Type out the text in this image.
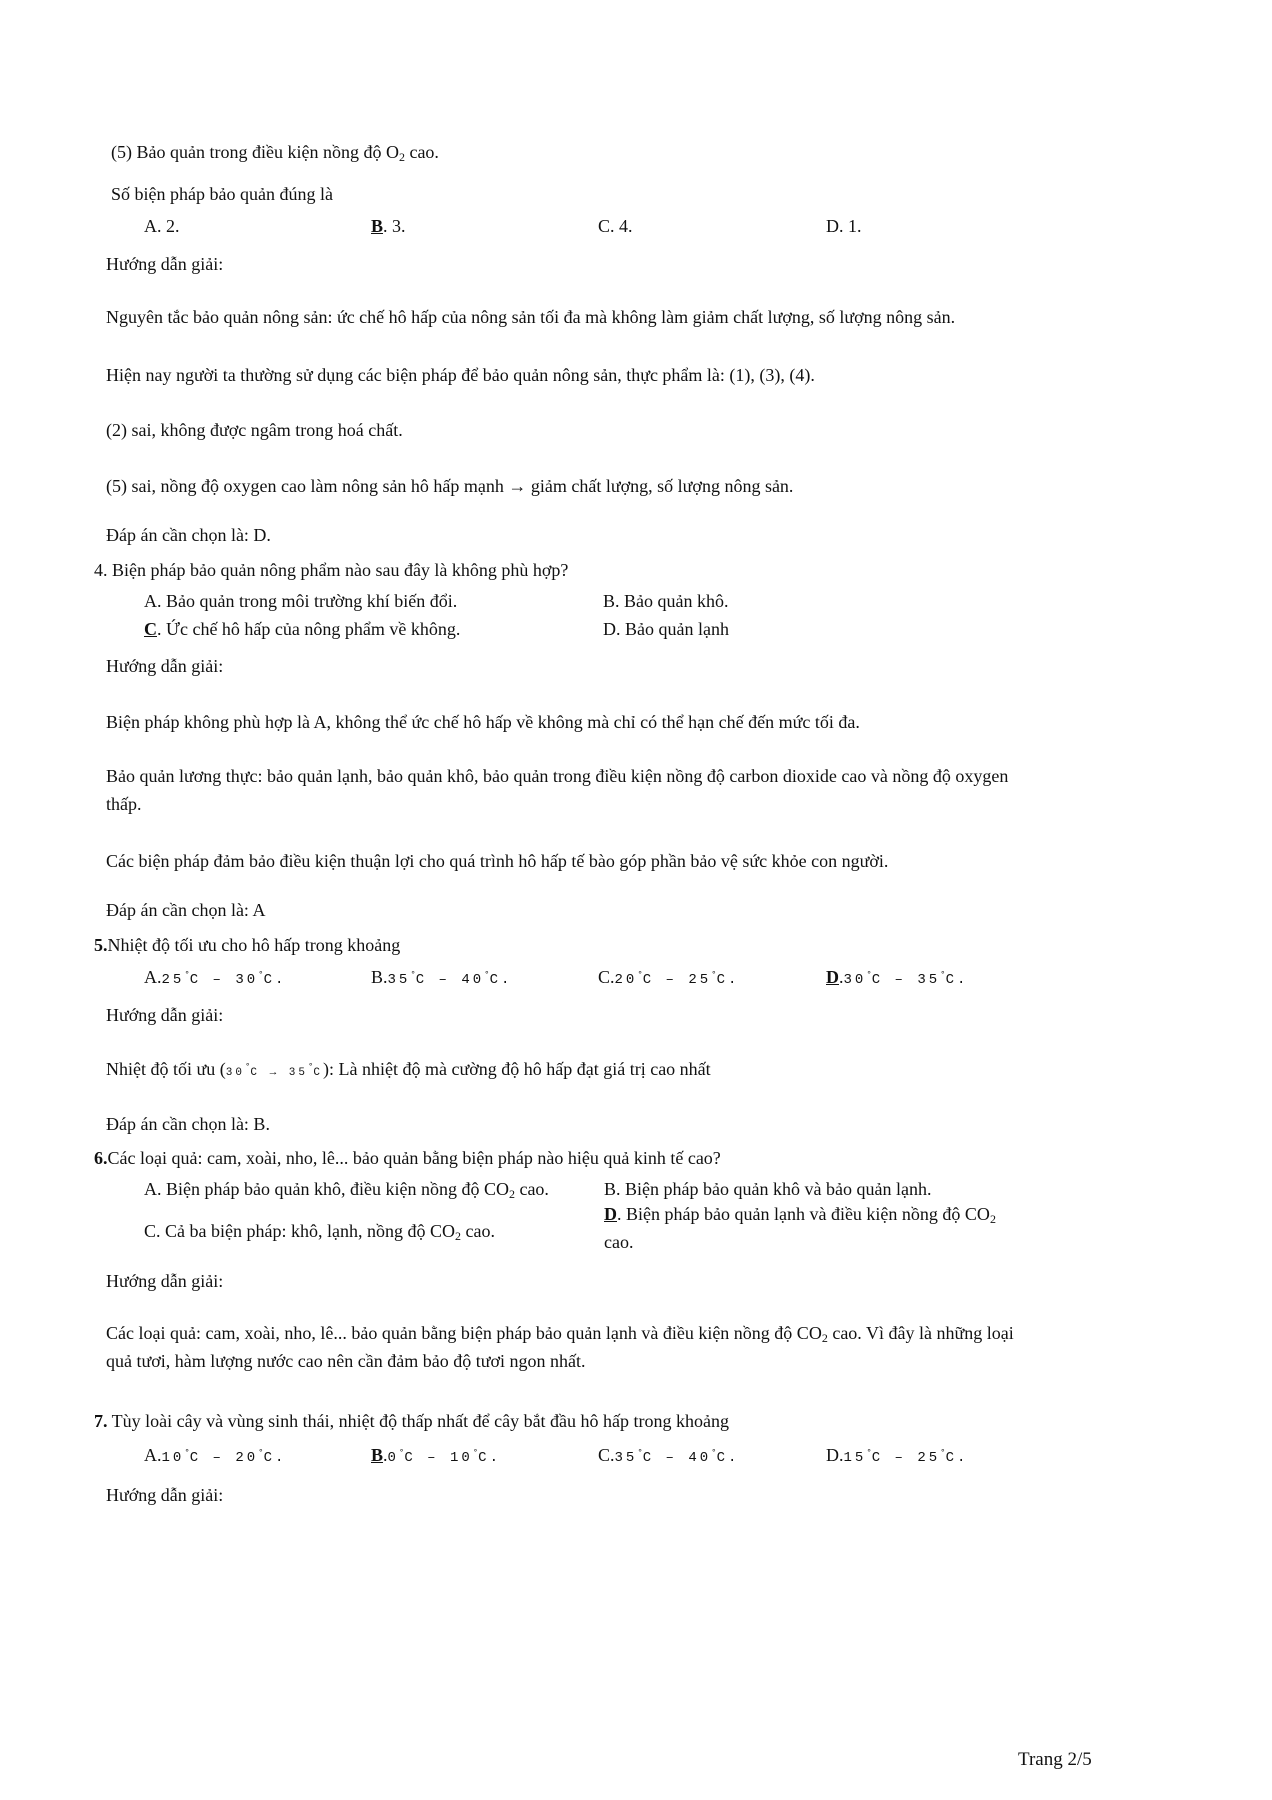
(5) Bảo quản trong điều kiện nồng độ $O_2$ cao.
Số biện pháp bảo quản đúng là
A. 2.	B. 3.	C. 4.	D. 1.
Hướng dẫn giải:
Nguyên tắc bảo quản nông sản: ức chế hô hấp của nông sản tối đa mà không làm giảm chất lượng, số lượng nông sản.
Hiện nay người ta thường sử dụng các biện pháp để bảo quản nông sản, thực phẩm là: (1), (3), (4).
(2) sai, không được ngâm trong hoá chất.
(5) sai, nồng độ oxygen cao làm nông sản hô hấp mạnh → giảm chất lượng, số lượng nông sản.
Đáp án cần chọn là: D.
4. Biện pháp bảo quản nông phẩm nào sau đây là không phù hợp?
A. Bảo quản trong môi trường khí biến đổi.	B. Bảo quản khô.
C. Ức chế hô hấp của nông phẩm về không.	D. Bảo quản lạnh
Hướng dẫn giải:
Biện pháp không phù hợp là A, không thể ức chế hô hấp về không mà chỉ có thể hạn chế đến mức tối đa.
Bảo quản lương thực: bảo quản lạnh, bảo quản khô, bảo quản trong điều kiện nồng độ carbon dioxide cao và nồng độ oxygen
thấp.
Các biện pháp đảm bảo điều kiện thuận lợi cho quá trình hô hấp tế bào góp phần bảo vệ sức khỏe con người.
Đáp án cần chọn là: A
5.Nhiệt độ tối ưu cho hô hấp trong khoảng
A.25°C – 30°C.	B.35°C – 40°C.	C.20°C – 25°C.	D.30°C – 35°C.
Hướng dẫn giải:
Nhiệt độ tối ưu (30°C → 35°C): Là nhiệt độ mà cường độ hô hấp đạt giá trị cao nhất
Đáp án cần chọn là: B.
6.Các loại quả: cam, xoài, nho, lê... bảo quản bằng biện pháp nào hiệu quả kinh tế cao?
A. Biện pháp bảo quản khô, điều kiện nồng độ $CO_2$ cao.	B. Biện pháp bảo quản khô và bảo quản lạnh.
C. Cả ba biện pháp: khô, lạnh, nồng độ $CO_2$ cao.
D. Biện pháp bảo quản lạnh và điều kiện nồng độ $CO_2$
cao.
Hướng dẫn giải:
Các loại quả: cam, xoài, nho, lê... bảo quản bằng biện pháp bảo quản lạnh và điều kiện nồng độ $CO_2$ cao. Vì đây là những loại
quả tươi, hàm lượng nước cao nên cần đảm bảo độ tươi ngon nhất.
7. Tùy loài cây và vùng sinh thái, nhiệt độ thấp nhất để cây bắt đầu hô hấp trong khoảng
A.10°C – 20°C.	B.0°C – 10°C.	C.35°C – 40°C.	D.15°C – 25°C.
Hướng dẫn giải:
Trang 2/5
